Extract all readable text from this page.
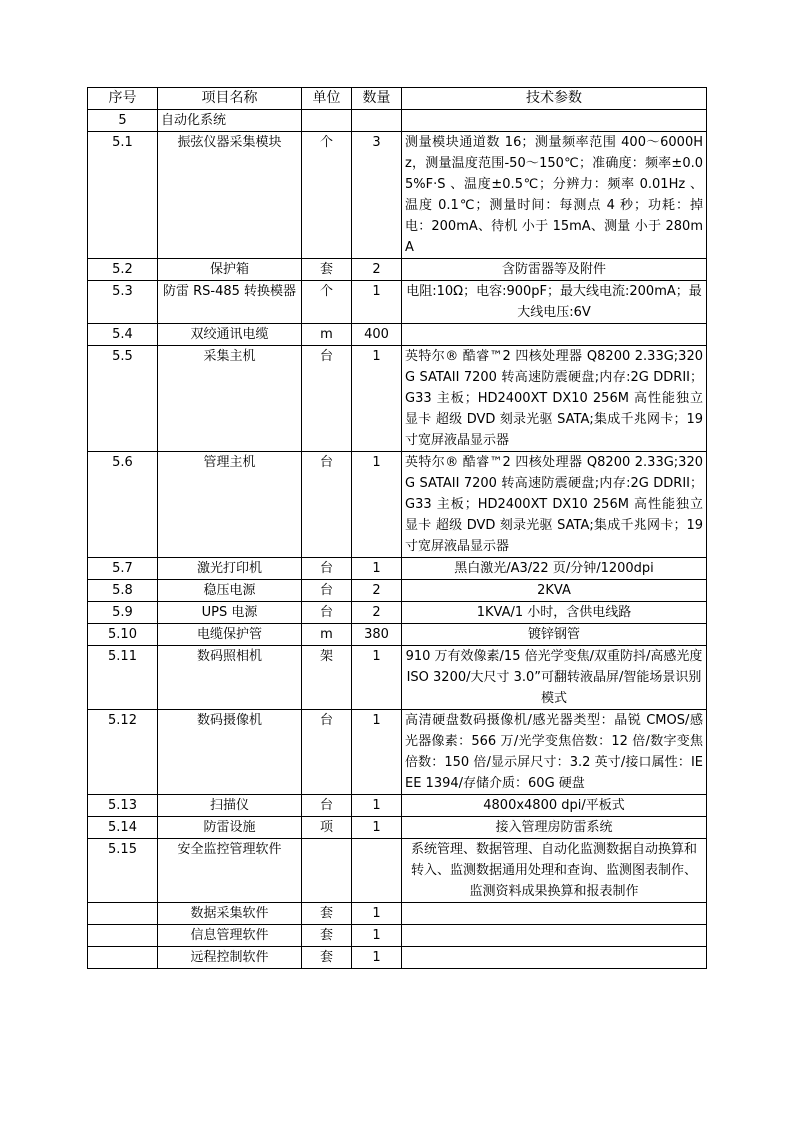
序号	项目名称	单位	数量	技术参数
5	自动化系统			
5.1	振弦仪器采集模块	个	3	测量模块通道数 16；测量频率范围 400～6000Hz，测量温度范围-50～150℃；准确度：频率±0.05%F·S 、温度±0.5℃；分辨力：频率 0.01Hz 、温度 0.1℃；测量时间：每测点 4 秒；功耗：掉电：200mA、待机 小于 15mA、测量 小于 280mA
5.2	保护箱	套	2	含防雷器等及附件
5.3	防雷 RS-485 转换模器	个	1	电阻:10Ω；电容:900pF；最大线电流:200mA；最大线电压:6V
5.4	双绞通讯电缆	m	400	
5.5	采集主机	台	1	英特尔® 酷睿™2 四核处理器 Q8200 2.33G;320G SATAII 7200 转高速防震硬盘;内存:2G DDRII； G33 主板；HD2400XT DX10 256M 高性能独立显卡 超级 DVD 刻录光驱 SATA;集成千兆网卡；19 寸宽屏液晶显示器
5.6	管理主机	台	1	英特尔® 酷睿™2 四核处理器 Q8200 2.33G;320G SATAII 7200 转高速防震硬盘;内存:2G DDRII； G33 主板；HD2400XT DX10 256M 高性能独立显卡 超级 DVD 刻录光驱 SATA;集成千兆网卡；19 寸宽屏液晶显示器
5.7	激光打印机	台	1	黑白激光/A3/22 页/分钟/1200dpi
5.8	稳压电源	台	2	2KVA
5.9	UPS 电源	台	2	1KVA/1 小时，含供电线路
5.10	电缆保护管	m	380	镀锌钢管
5.11	数码照相机	架	1	910 万有效像素/15 倍光学变焦/双重防抖/高感光度 ISO 3200/大尺寸 3.0”可翻转液晶屏/智能场景识别模式
5.12	数码摄像机	台	1	高清硬盘数码摄像机/感光器类型：晶锐 CMOS/感光器像素：566 万/光学变焦倍数：12 倍/数字变焦倍数：150 倍/显示屏尺寸：3.2 英寸/接口属性：IEEE 1394/存储介质：60G 硬盘
5.13	扫描仪	台	1	4800x4800 dpi/平板式
5.14	防雷设施	项	1	接入管理房防雷系统
5.15	安全监控管理软件			系统管理、数据管理、自动化监测数据自动换算和转入、监测数据通用处理和查询、监测图表制作、监测资料成果换算和报表制作
	数据采集软件	套	1	
	信息管理软件	套	1	
	远程控制软件	套	1	
